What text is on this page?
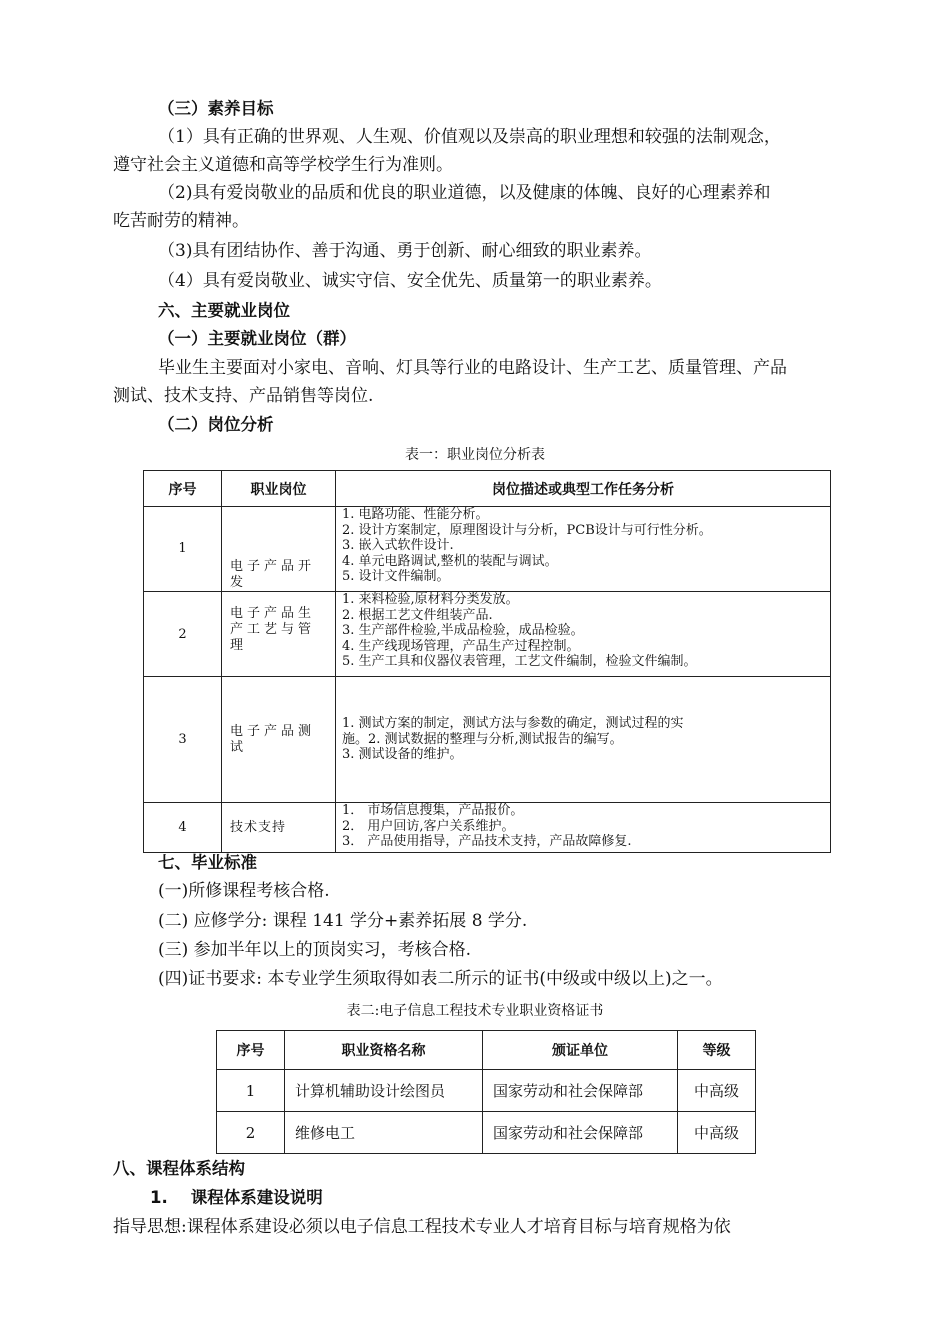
（三）素养目标
（1）具有正确的世界观、人生观、价值观以及崇高的职业理想和较强的法制观念，
遵守社会主义道德和高等学校学生行为准则。
（2)具有爱岗敬业的品质和优良的职业道德，以及健康的体魄、良好的心理素养和
吃苦耐劳的精神。
（3)具有团结协作、善于沟通、勇于创新、耐心细致的职业素养。
（4）具有爱岗敬业、诚实守信、安全优先、质量第一的职业素养。
六、主要就业岗位
（一）主要就业岗位（群）
毕业生主要面对小家电、音响、灯具等行业的电路设计、生产工艺、质量管理、产品
测试、技术支持、产品销售等岗位.
（二）岗位分析
表一：职业岗位分析表
序号	职业岗位	岗位描述或典型工作任务分析
1	电子产品开发	1. 电路功能、性能分析。
2. 设计方案制定，原理图设计与分析，PCB设计与可行性分析。
3. 嵌入式软件设计.
4. 单元电路调试,整机的装配与调试。
5. 设计文件编制。

2	电子产品生产工艺与管理	1. 来料检验,原材料分类发放。
2. 根据工艺文件组装产品.
3. 生产部件检验,半成品检验，成品检验。
4. 生产线现场管理，产品生产过程控制。
5. 生产工具和仪器仪表管理，工艺文件编制，检验文件编制。

3	电子产品测试	1. 测试方案的制定，测试方法与参数的确定，测试过程的实
施。2. 测试数据的整理与分析,测试报告的编写。
3. 测试设备的维护。

4	技术支持	1． 市场信息搜集，产品报价。
2． 用户回访,客户关系维护。
3． 产品使用指导，产品技术支持，产品故障修复.
七、毕业标准
(一)所修课程考核合格.
(二) 应修学分: 课程 141 学分+素养拓展 8 学分.
(三) 参加半年以上的顶岗实习，考核合格.
(四)证书要求: 本专业学生须取得如表二所示的证书(中级或中级以上)之一。
表二:电子信息工程技术专业职业资格证书
序号	职业资格名称	颁证单位	等级
1	计算机辅助设计绘图员	国家劳动和社会保障部	中高级
2	维修电工	国家劳动和社会保障部	中高级
八、课程体系结构
1.    课程体系建设说明
指导思想:课程体系建设必须以电子信息工程技术专业人才培育目标与培育规格为依
